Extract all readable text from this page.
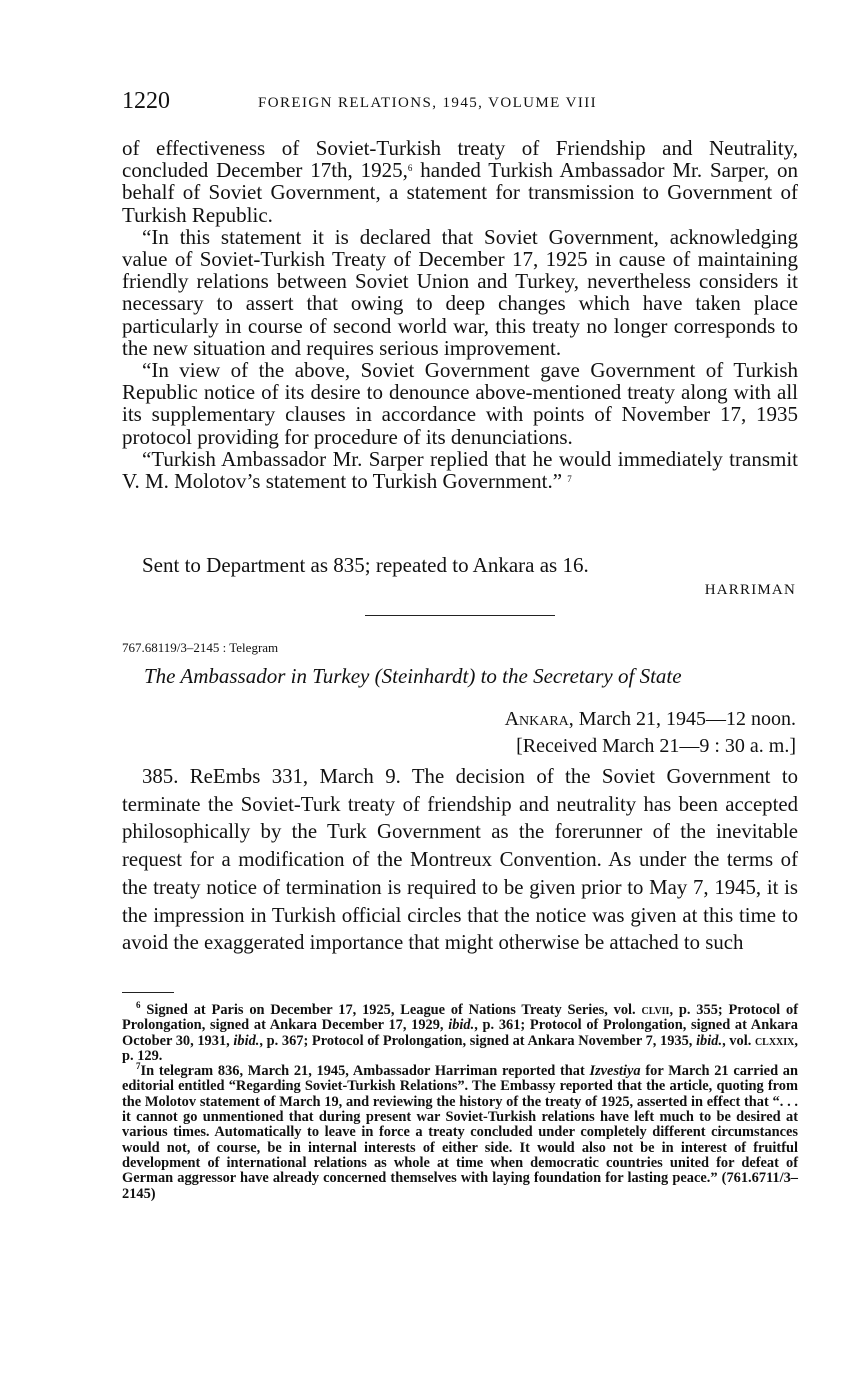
1220	FOREIGN RELATIONS, 1945, VOLUME VIII

of effectiveness of Soviet-Turkish treaty of Friendship and Neutrality, concluded December 17th, 1925,$^6$ handed Turkish Ambassador Mr. Sarper, on behalf of Soviet Government, a statement for transmission to Government of Turkish Republic.

“In this statement it is declared that Soviet Government, acknowledging value of Soviet-Turkish Treaty of December 17, 1925 in cause of maintaining friendly relations between Soviet Union and Turkey, nevertheless considers it necessary to assert that owing to deep changes which have taken place particularly in course of second world war, this treaty no longer corresponds to the new situation and requires serious improvement.

“In view of the above, Soviet Government gave Government of Turkish Republic notice of its desire to denounce above-mentioned treaty along with all its supplementary clauses in accordance with points of November 17, 1935 protocol providing for procedure of its denunciations.

“Turkish Ambassador Mr. Sarper replied that he would immediately transmit V. M. Molotov’s statement to Turkish Government.” $^7$

Sent to Department as 835; repeated to Ankara as 16.
HARRIMAN
767.68119/3–2145 : Telegram
The Ambassador in Turkey (Steinhardt) to the Secretary of State
Ankara, March 21, 1945—12 noon.
[Received March 21—9 : 30 a. m.]

385. ReEmbs 331, March 9. The decision of the Soviet Government to terminate the Soviet-Turk treaty of friendship and neutrality has been accepted philosophically by the Turk Government as the forerunner of the inevitable request for a modification of the Montreux Convention. As under the terms of the treaty notice of termination is required to be given prior to May 7, 1945, it is the impression in Turkish official circles that the notice was given at this time to avoid the exaggerated importance that might otherwise be attached to such

$^6$ Signed at Paris on December 17, 1925, League of Nations Treaty Series, vol. clvii, p. 355; Protocol of Prolongation, signed at Ankara December 17, 1929, ibid., p. 361; Protocol of Prolongation, signed at Ankara October 30, 1931, ibid., p. 367; Protocol of Prolongation, signed at Ankara November 7, 1935, ibid., vol. clxxix, p. 129.

$^7$In telegram 836, March 21, 1945, Ambassador Harriman reported that Izvestiya for March 21 carried an editorial entitled “Regarding Soviet-Turkish Relations”. The Embassy reported that the article, quoting from the Molotov statement of March 19, and reviewing the history of the treaty of 1925, asserted in effect that “. . . it cannot go unmentioned that during present war Soviet-Turkish relations have left much to be desired at various times. Automatically to leave in force a treaty concluded under completely different circumstances would not, of course, be in internal interests of either side. It would also not be in interest of fruitful development of international relations as whole at time when democratic countries united for defeat of German aggressor have already concerned themselves with laying foundation for lasting peace.” (761.6711/3–2145)
